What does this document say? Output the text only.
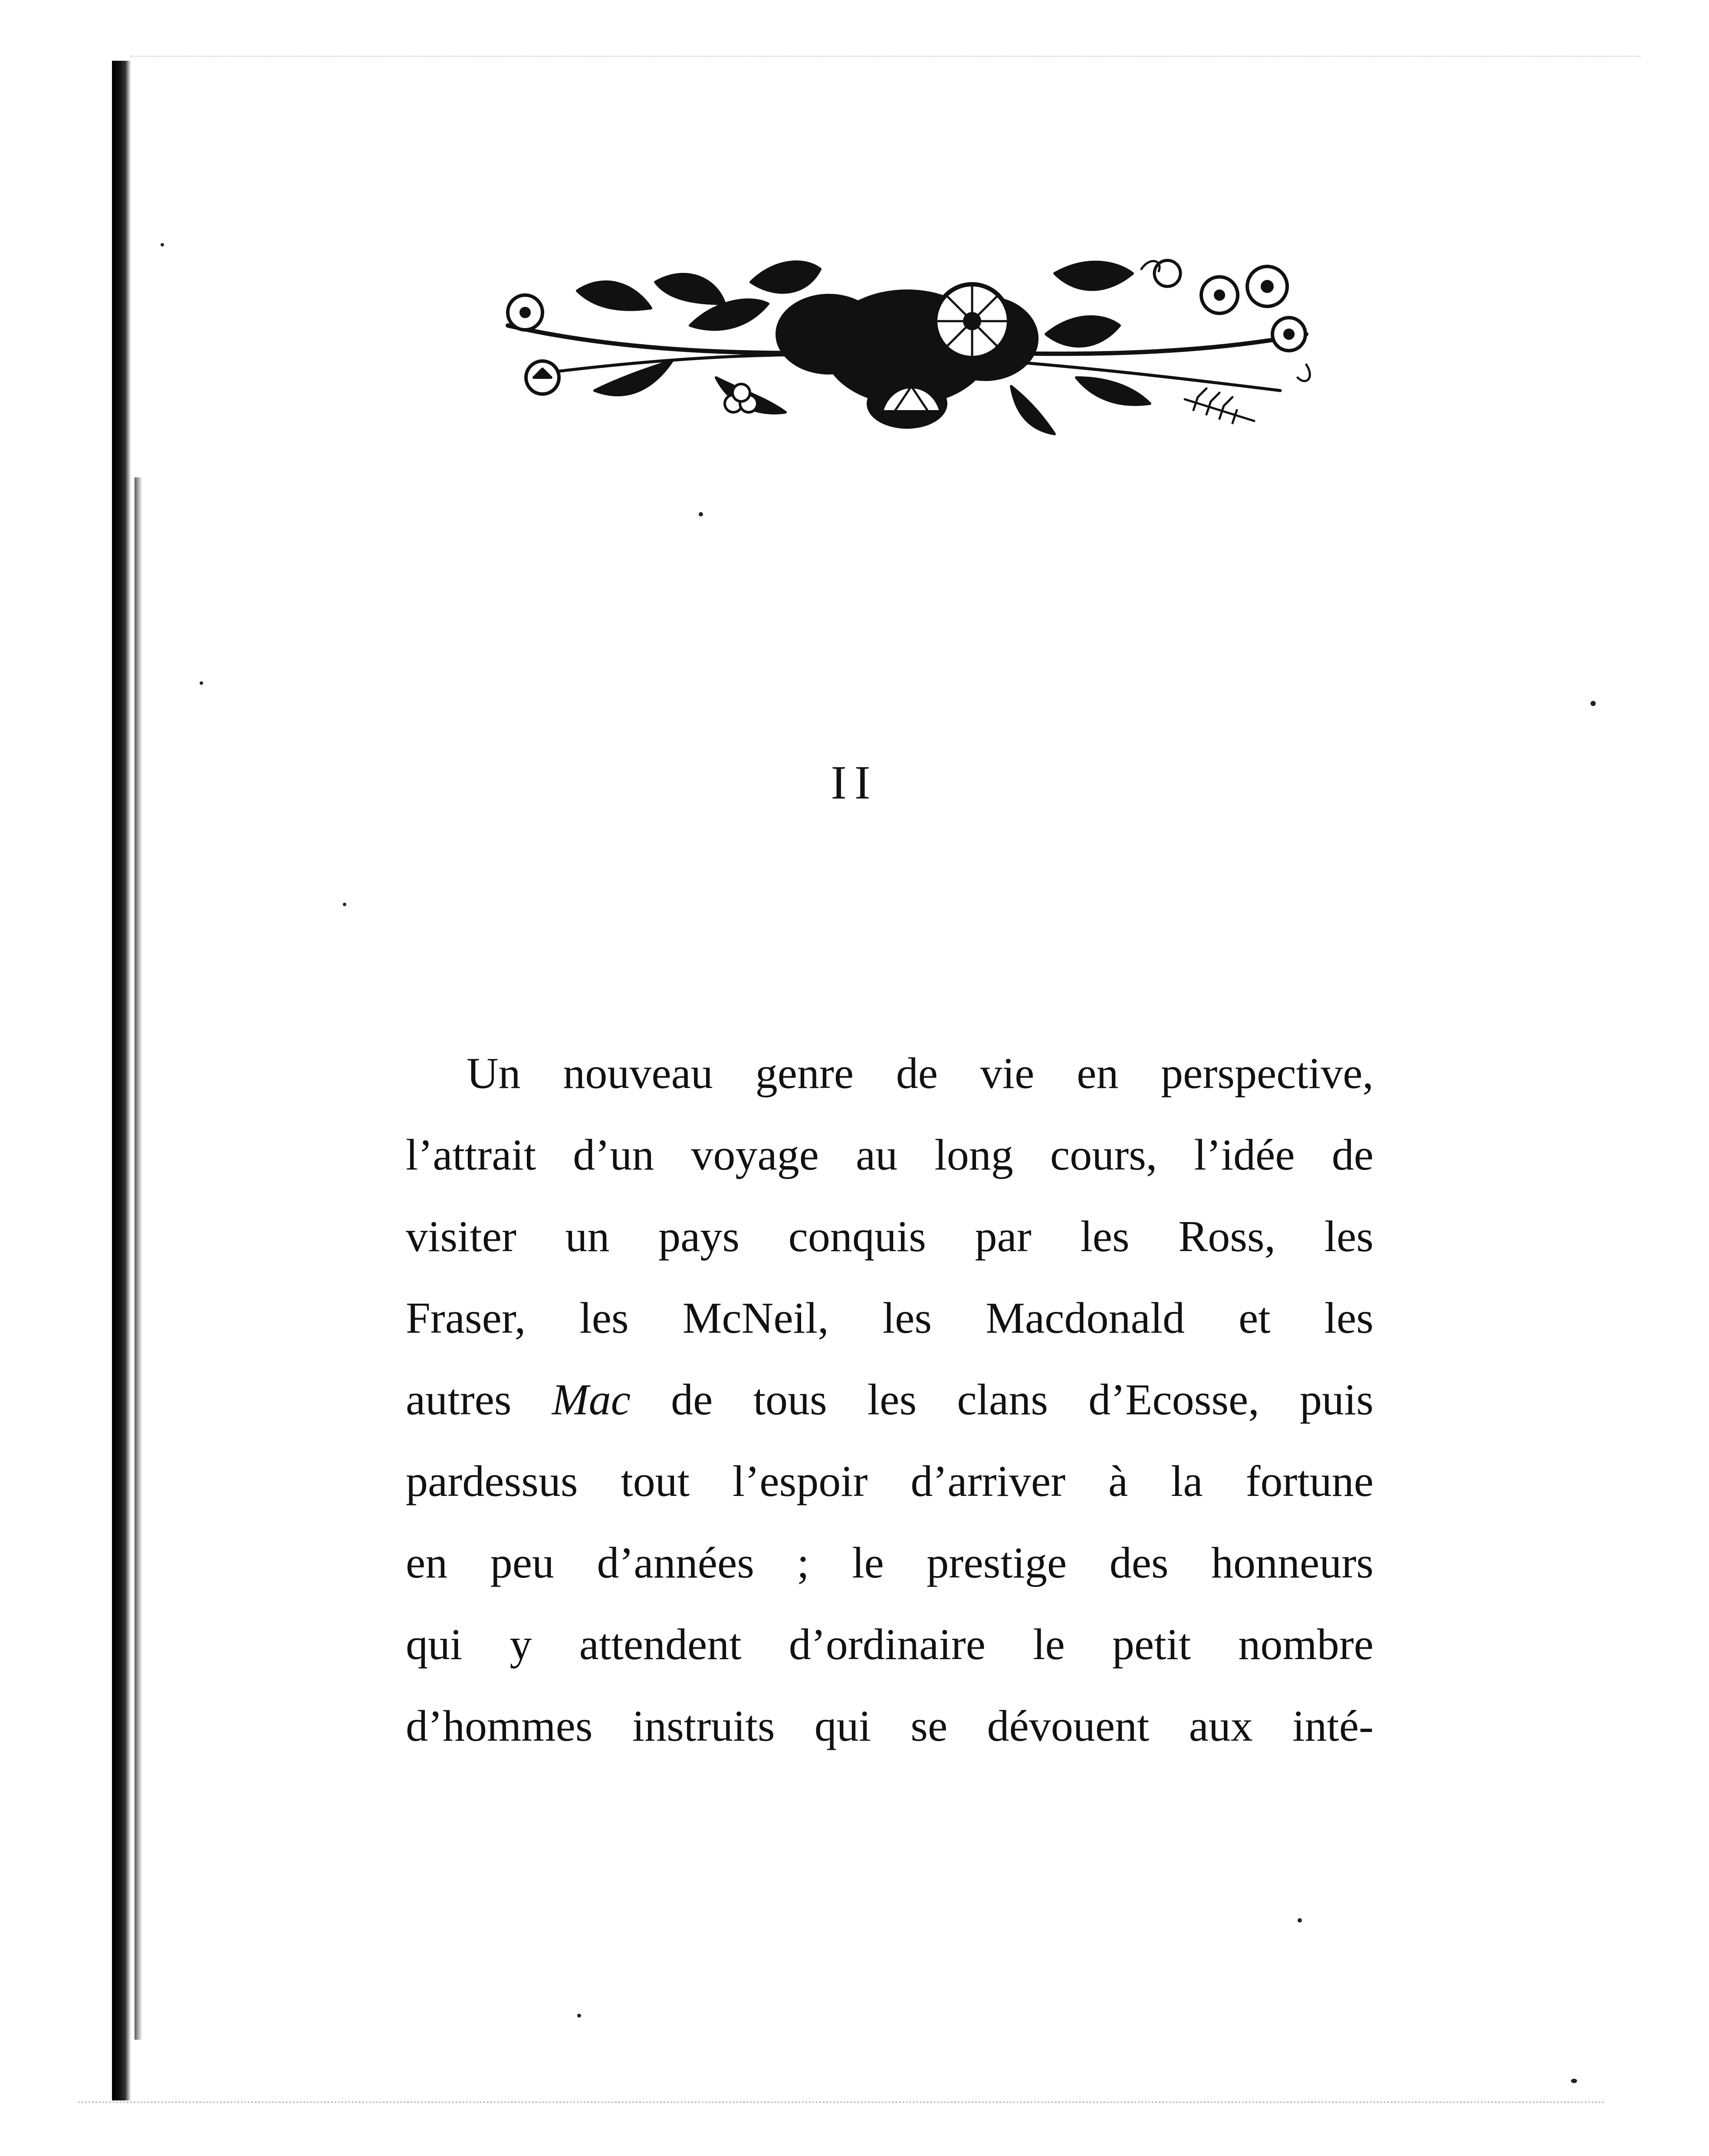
II
Un nouveau genre de vie en perspective,
l’attrait d’un voyage au long cours, l’idée de
visiter un pays conquis par les Ross, les
Fraser, les McNeil, les Macdonald et les
autres Mac de tous les clans d’Ecosse, puis
pardessus tout l’espoir d’arriver à la fortune
en peu d’années ; le prestige des honneurs
qui y attendent d’ordinaire le petit nombre
d’hommes instruits qui se dévouent aux inté-
